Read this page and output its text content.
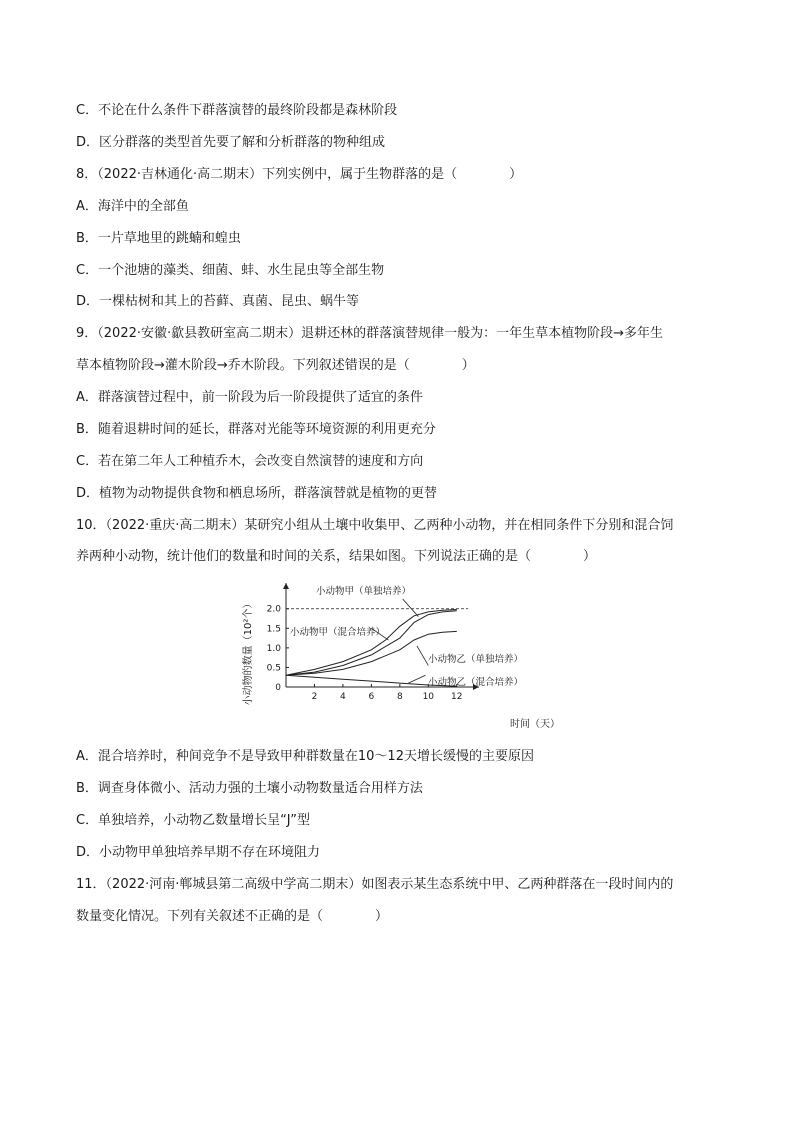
C．不论在什么条件下群落演替的最终阶段都是森林阶段
D．区分群落的类型首先要了解和分析群落的物种组成
8．（2022·吉林通化·高二期末）下列实例中，属于生物群落的是（　　　　）
A．海洋中的全部鱼
B．一片草地里的跳蝻和蝗虫
C．一个池塘的藻类、细菌、蚌、水生昆虫等全部生物
D．一棵枯树和其上的苔藓、真菌、昆虫、蜗牛等
9．（2022·安徽·歙县教研室高二期末）退耕还林的群落演替规律一般为：一年生草本植物阶段→多年生
草本植物阶段→灌木阶段→乔木阶段。下列叙述错误的是（　　　　）
A．群落演替过程中，前一阶段为后一阶段提供了适宜的条件
B．随着退耕时间的延长，群落对光能等环境资源的利用更充分
C．若在第二年人工种植乔木，会改变自然演替的速度和方向
D．植物为动物提供食物和栖息场所，群落演替就是植物的更替
10．（2022·重庆·高二期末）某研究小组从土壤中收集甲、乙两种小动物，并在相同条件下分别和混合饲
养两种小动物，统计他们的数量和时间的关系，结果如图。下列说法正确的是（　　　　）
小动物的数量（10²个）
时间（天）
2	4	6	8 10 12
0
0.5
1.0
1.5
2.0
小动物甲（单独培养）
小动物甲（混合培养）
小动物乙（单独培养）
小动物乙（混合培养）
A．混合培养时，种间竞争不是导致甲种群数量在10～12天增长缓慢的主要原因
B．调查身体微小、活动力强的土壤小动物数量适合用样方法
C．单独培养，小动物乙数量增长呈“J”型
D．小动物甲单独培养早期不存在环境阻力
11．（2022·河南·郸城县第二高级中学高二期末）如图表示某生态系统中甲、乙两种群落在一段时间内的
数量变化情况。下列有关叙述不正确的是（　　　　）
